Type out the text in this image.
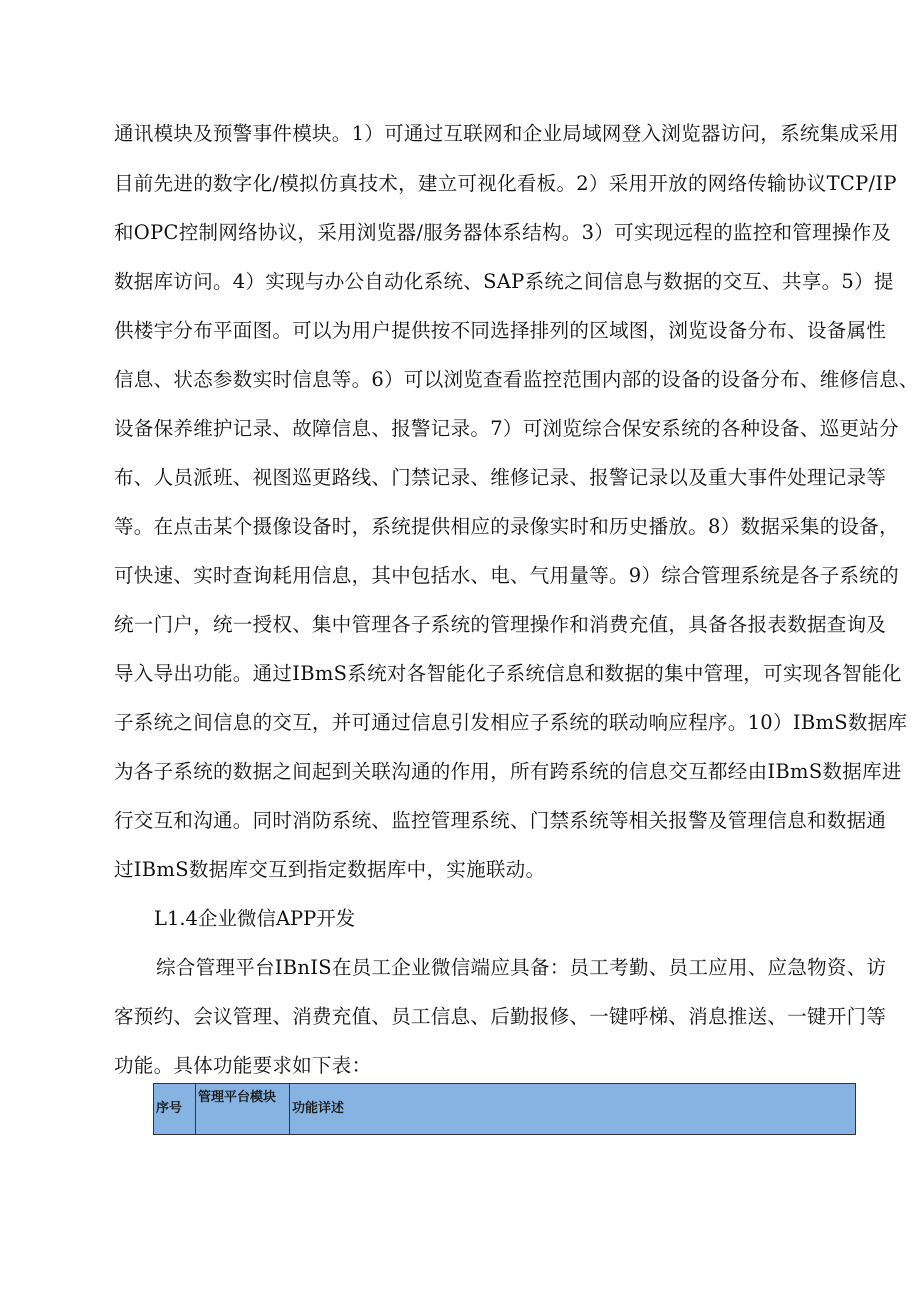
通讯模块及预警事件模块。1）可通过互联网和企业局域网登入浏览器访问，系统集成采用
目前先进的数字化/模拟仿真技术，建立可视化看板。2）采用开放的网络传输协议TCP/IP
和OPC控制网络协议，采用浏览器/服务器体系结构。3）可实现远程的监控和管理操作及
数据库访问。4）实现与办公自动化系统、SAP系统之间信息与数据的交互、共享。5）提
供楼宇分布平面图。可以为用户提供按不同选择排列的区域图，浏览设备分布、设备属性
信息、状态参数实时信息等。6）可以浏览查看监控范围内部的设备的设备分布、维修信息、
设备保养维护记录、故障信息、报警记录。7）可浏览综合保安系统的各种设备、巡更站分
布、人员派班、视图巡更路线、门禁记录、维修记录、报警记录以及重大事件处理记录等
等。在点击某个摄像设备时，系统提供相应的录像实时和历史播放。8）数据采集的设备，
可快速、实时查询耗用信息，其中包括水、电、气用量等。9）综合管理系统是各子系统的
统一门户，统一授权、集中管理各子系统的管理操作和消费充值，具备各报表数据查询及
导入导出功能。通过IBmS系统对各智能化子系统信息和数据的集中管理，可实现各智能化
子系统之间信息的交互，并可通过信息引发相应子系统的联动响应程序。10）IBmS数据库
为各子系统的数据之间起到关联沟通的作用，所有跨系统的信息交互都经由IBmS数据库进
行交互和沟通。同时消防系统、监控管理系统、门禁系统等相关报警及管理信息和数据通
过IBmS数据库交互到指定数据库中，实施联动。
L1.4企业微信APP开发
综合管理平台IBnIS在员工企业微信端应具备：员工考勤、员工应用、应急物资、访
客预约、会议管理、消费充值、员工信息、后勤报修、一键呼梯、消息推送、一键开门等
功能。具体功能要求如下表：
序号
管理平台模块
功能详述
